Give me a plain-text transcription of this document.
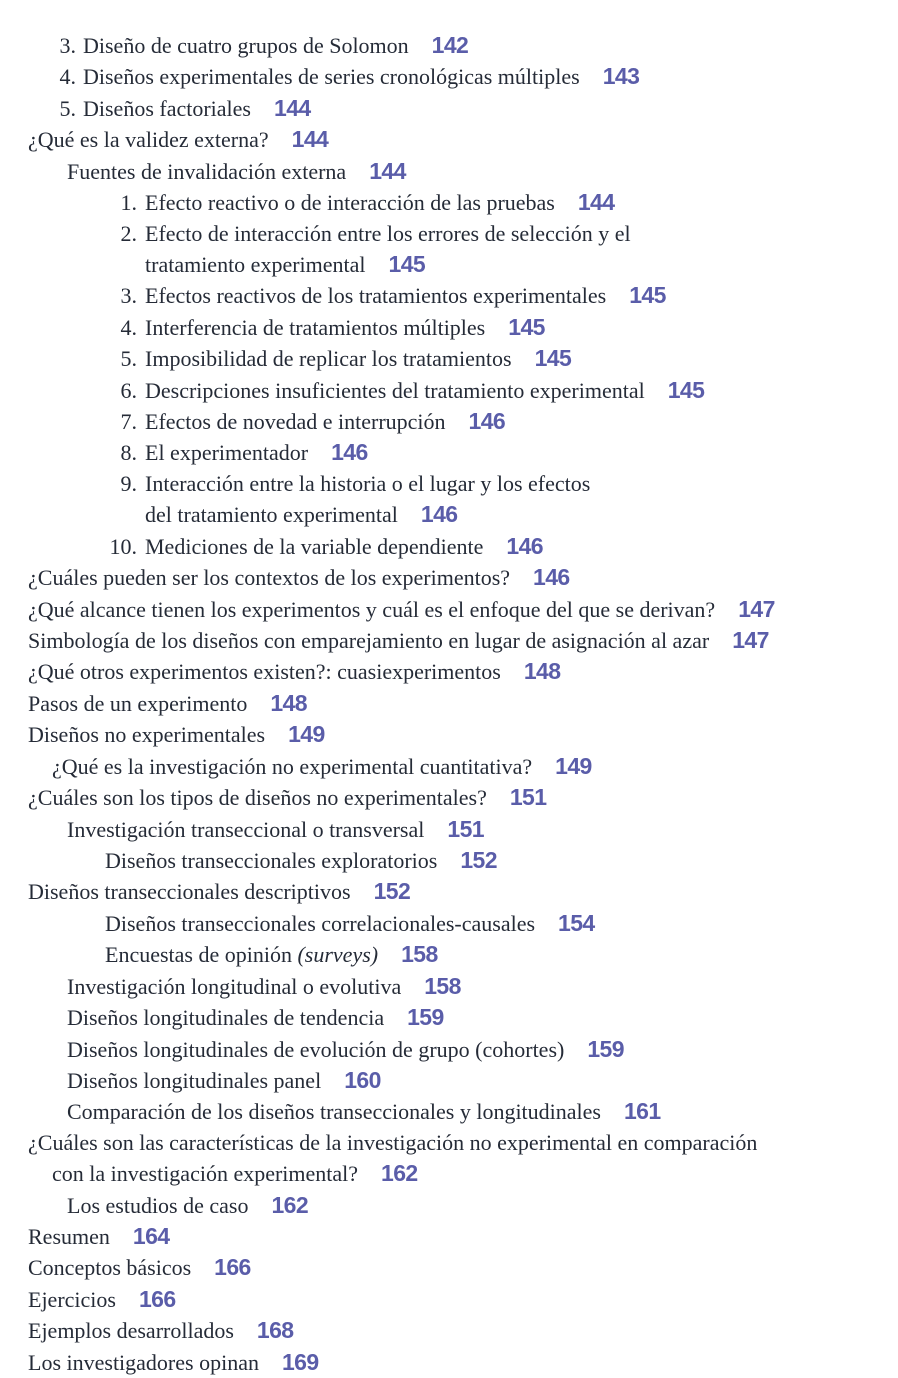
3. Diseño de cuatro grupos de Solomon 142
4. Diseños experimentales de series cronológicas múltiples 143
5. Diseños factoriales 144
¿Qué es la validez externa? 144
Fuentes de invalidación externa 144
1. Efecto reactivo o de interacción de las pruebas 144
2. Efecto de interacción entre los errores de selección y el
tratamiento experimental 145
3. Efectos reactivos de los tratamientos experimentales 145
4. Interferencia de tratamientos múltiples 145
5. Imposibilidad de replicar los tratamientos 145
6. Descripciones insuficientes del tratamiento experimental 145
7. Efectos de novedad e interrupción 146
8. El experimentador 146
9. Interacción entre la historia o el lugar y los efectos
del tratamiento experimental 146
10. Mediciones de la variable dependiente 146
¿Cuáles pueden ser los contextos de los experimentos? 146
¿Qué alcance tienen los experimentos y cuál es el enfoque del que se derivan? 147
Simbología de los diseños con emparejamiento en lugar de asignación al azar 147
¿Qué otros experimentos existen?: cuasiexperimentos 148
Pasos de un experimento 148
Diseños no experimentales 149
¿Qué es la investigación no experimental cuantitativa? 149
¿Cuáles son los tipos de diseños no experimentales? 151
Investigación transeccional o transversal 151
Diseños transeccionales exploratorios 152
Diseños transeccionales descriptivos 152
Diseños transeccionales correlacionales-causales 154
Encuestas de opinión (surveys) 158
Investigación longitudinal o evolutiva 158
Diseños longitudinales de tendencia 159
Diseños longitudinales de evolución de grupo (cohortes) 159
Diseños longitudinales panel 160
Comparación de los diseños transeccionales y longitudinales 161
¿Cuáles son las características de la investigación no experimental en comparación
con la investigación experimental? 162
Los estudios de caso 162
Resumen 164
Conceptos básicos 166
Ejercicios 166
Ejemplos desarrollados 168
Los investigadores opinan 169
